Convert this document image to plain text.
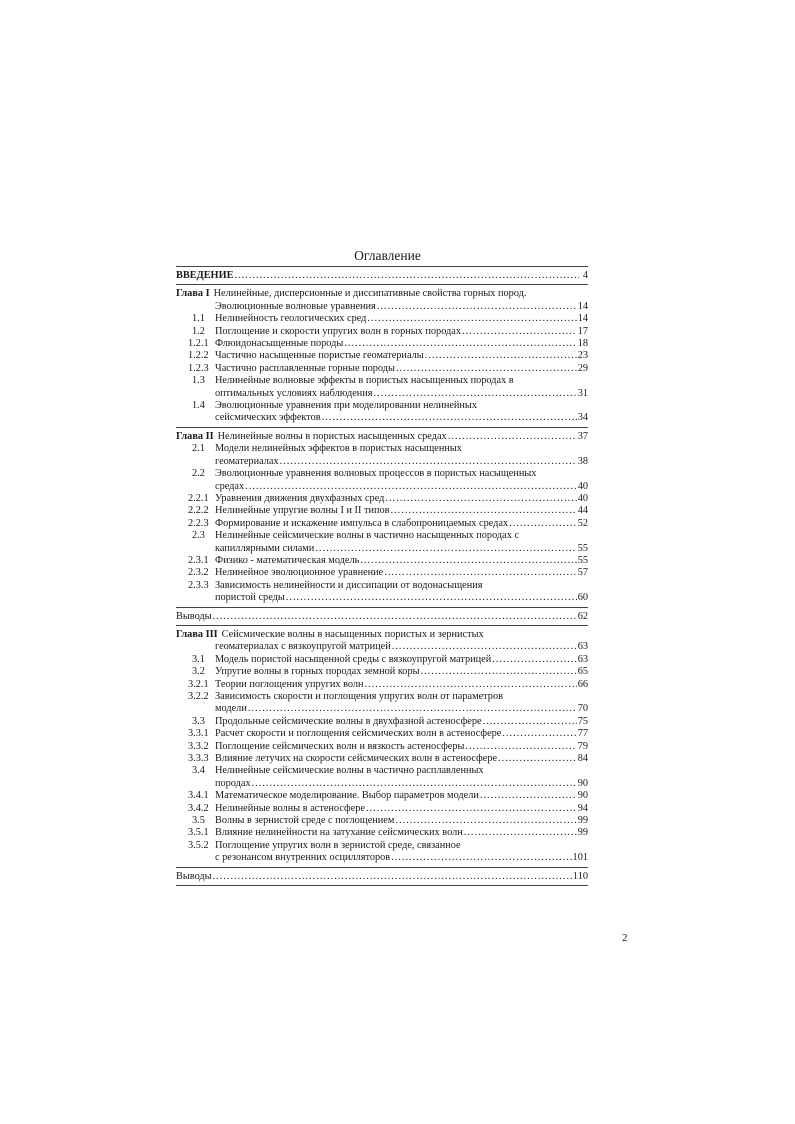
Оглавление
ВВЕДЕНИЕ .....	4
Глава I Нелинейные, дисперсионные и диссипативные свойства горных пород.
Эволюционные волновые уравнения .....	14
1.1 Нелинейность геологических сред .....	14
1.2 Поглощение и скорости упругих волн в горных породах .....	17
1.2.1 Флюидонасыщенные породы .....	18
1.2.2 Частично насыщенные пористые геоматериалы .....	23
1.2.3 Частично расплавленные горные породы .....	29
1.3 Нелинейные волновые эффекты в пористых насыщенных породах в
оптимальных условиях наблюдения .....	31
1.4 Эволюционные уравнения при моделировании нелинейных
сейсмических эффектов .....	34
Глава II Нелинейные волны в пористых насыщенных средах .....	37
2.1 Модели нелинейных эффектов в пористых насыщенных
геоматериалах .....	38
2.2 Эволюционные уравнения волновых процессов в пористых насыщенных
средах .....	40
2.2.1 Уравнения движения двухфазных сред .....	40
2.2.2 Нелинейные упругие волны I и II типов .....	44
2.2.3 Формирование и искажение импульса в слабопроницаемых средах .....	52
2.3 Нелинейные сейсмические волны в частично насыщенных породах с
капиллярными силами .....	55
2.3.1 Физико - математическая модель .....	55
2.3.2 Нелинейное эволюционное уравнение .....	57
2.3.3 Зависимость нелинейности и диссипации от водонасыщения
пористой среды .....	60
Выводы .....	62
Глава III Сейсмические волны в насыщенных пористых и зернистых
геоматериалах с вязкоупругой матрицей .....	63
3.1 Модель пористой насыщенной среды с вязкоупругой матрицей .....	63
3.2 Упругие волны в горных породах земной коры .....	65
3.2.1 Теории поглощения упругих волн .....	66
3.2.2 Зависимость скорости и поглощения упругих волн от параметров
модели .....	70
3.3 Продольные сейсмические волны в двухфазной астеносфере .....	75
3.3.1 Расчет скорости и поглощения сейсмических волн в астеносфере .....	77
3.3.2 Поглощение сейсмических волн и вязкость астеносферы .....	79
3.3.3 Влияние летучих на скорости сейсмических волн в астеносфере .....	84
3.4 Нелинейные сейсмические волны в частично расплавленных
породах .....	90
3.4.1 Математическое моделирование. Выбор параметров модели .....	90
3.4.2 Нелинейные волны в астеносфере .....	94
3.5 Волны в зернистой среде с поглощением .....	99
3.5.1 Влияние нелинейности на затухание сейсмических волн .....	99
3.5.2 Поглощение упругих волн в зернистой среде, связанное
с резонансом внутренних осцилляторов .....	101
Выводы .....	110
2
